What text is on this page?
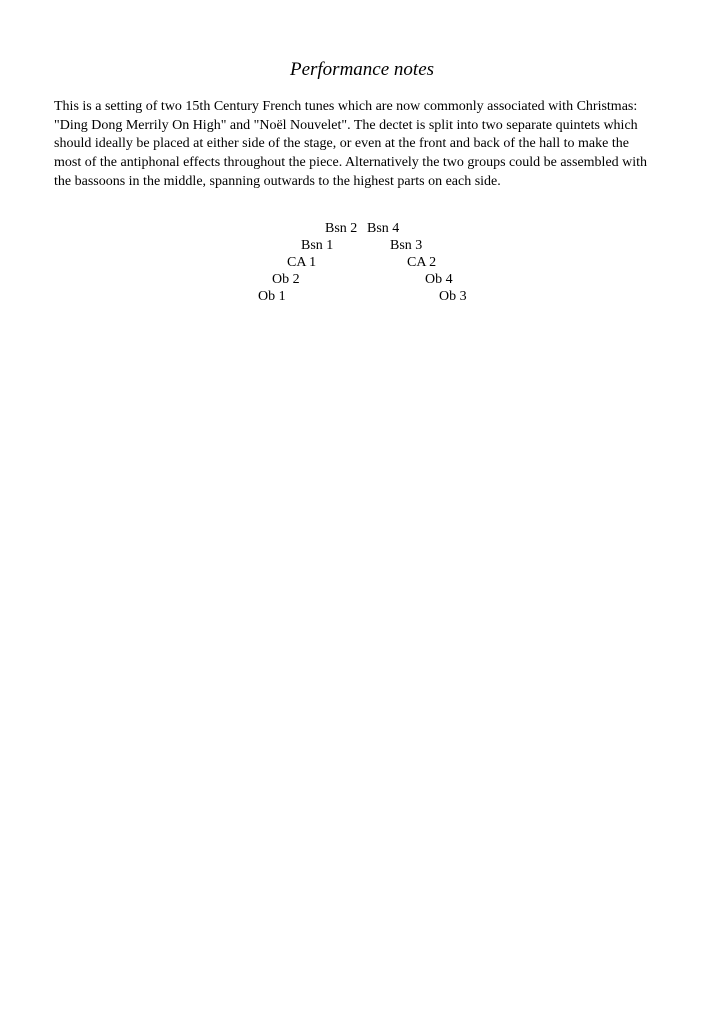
Performance notes
This is a setting of two 15th Century French tunes which are now commonly associated with Christmas:
"Ding Dong Merrily On High" and "Noël Nouvelet". The dectet is split into two separate quintets which
should ideally be placed at either side of the stage, or even at the front and back of the hall to make the
most of the antiphonal effects throughout the piece. Alternatively the two groups could be assembled with
the bassoons in the middle, spanning outwards to the highest parts on each side.
Bsn 2 Bsn 4
Bsn 1	Bsn 3
CA 1	CA 2
Ob 2	Ob 4
Ob 1	Ob 3
